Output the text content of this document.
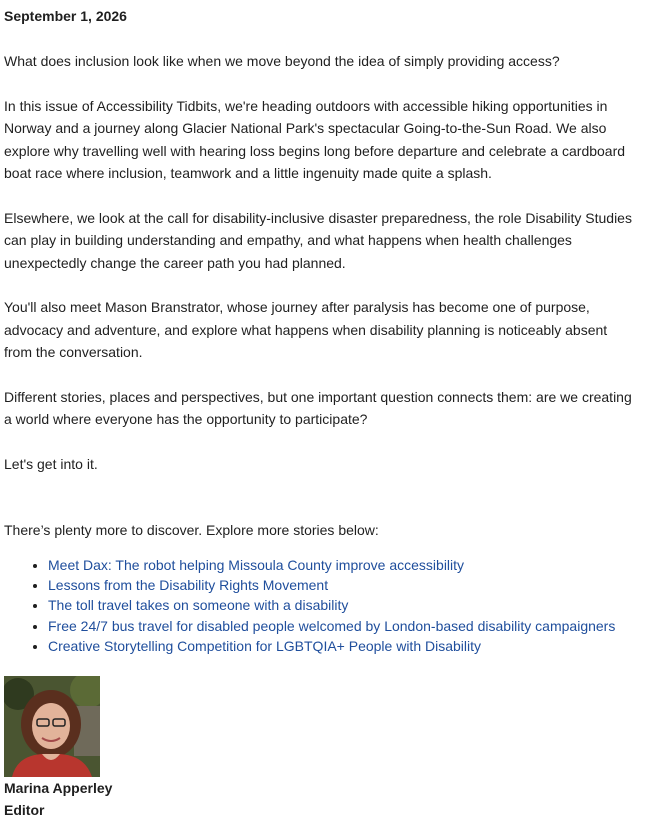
September 1, 2026

What does inclusion look like when we move beyond the idea of simply providing access?

In this issue of Accessibility Tidbits, we're heading outdoors with accessible hiking opportunities in Norway and a journey along Glacier National Park's spectacular Going-to-the-Sun Road. We also explore why travelling well with hearing loss begins long before departure and celebrate a cardboard boat race where inclusion, teamwork and a little ingenuity made quite a splash.

Elsewhere, we look at the call for disability-inclusive disaster preparedness, the role Disability Studies can play in building understanding and empathy, and what happens when health challenges unexpectedly change the career path you had planned.

You'll also meet Mason Branstrator, whose journey after paralysis has become one of purpose, advocacy and adventure, and explore what happens when disability planning is noticeably absent from the conversation.

Different stories, places and perspectives, but one important question connects them: are we creating a world where everyone has the opportunity to participate?

Let's get into it.

There’s plenty more to discover. Explore more stories below:

• Meet Dax: The robot helping Missoula County improve accessibility
• Lessons from the Disability Rights Movement
• The toll travel takes on someone with a disability
• Free 24/7 bus travel for disabled people welcomed by London-based disability campaigners
• Creative Storytelling Competition for LGBTQIA+ People with Disability
Marina Apperley
Editor
